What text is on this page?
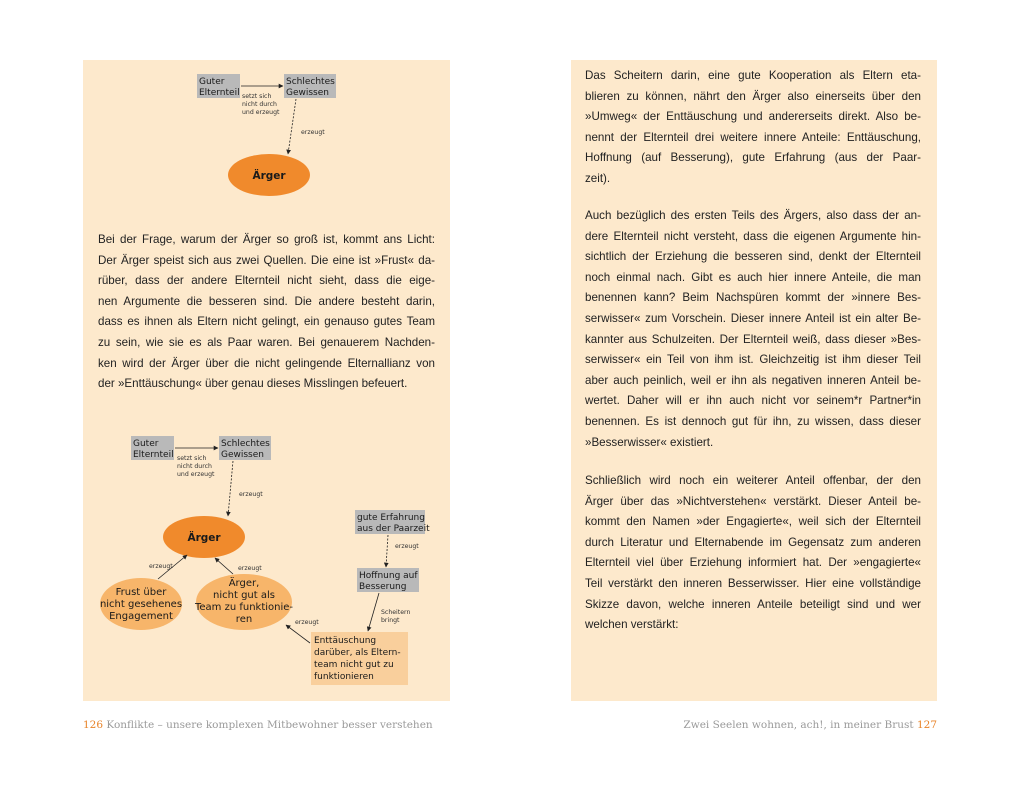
Guter
Elternteil
Schlechtes
Gewissen
setzt sich
nicht durch
und erzeugt
erzeugt
Ärger
Bei der Frage, warum der Ärger so groß ist, kommt ans Licht:
Der Ärger speist sich aus zwei Quellen. Die eine ist »Frust« da-
rüber, dass der andere Elternteil nicht sieht, dass die eige-
nen Argumente die besseren sind. Die andere besteht darin,
dass es ihnen als Eltern nicht gelingt, ein genauso gutes Team
zu sein, wie sie es als Paar waren. Bei genauerem Nachden-
ken wird der Ärger über die nicht gelingende Elternallianz von
der »Enttäuschung« über genau dieses Misslingen befeuert.
Guter
Elternteil
Schlechtes
Gewissen
setzt sich
nicht durch
und erzeugt
erzeugt
Ärger
Frust über
nicht gesehenes
Engagement
erzeugt
Ärger,
nicht gut als
Team zu funktionie-
ren
erzeugt
gute Erfahrung
aus der Paarzeit
erzeugt
Hoffnung auf
Besserung
Scheitern
bringt
Enttäuschung
darüber, als Eltern-
team nicht gut zu
funktionieren
erzeugt
Das Scheitern darin, eine gute Kooperation als Eltern eta-
blieren zu können, nährt den Ärger also einerseits über den
»Umweg« der Enttäuschung und andererseits direkt. Also be-
nennt der Elternteil drei weitere innere Anteile: Enttäuschung,
Hoffnung (auf Besserung), gute Erfahrung (aus der Paar-
zeit).
Auch bezüglich des ersten Teils des Ärgers, also dass der an-
dere Elternteil nicht versteht, dass die eigenen Argumente hin-
sichtlich der Erziehung die besseren sind, denkt der Elternteil
noch einmal nach. Gibt es auch hier innere Anteile, die man
benennen kann? Beim Nachspüren kommt der »innere Bes-
serwisser« zum Vorschein. Dieser innere Anteil ist ein alter Be-
kannter aus Schulzeiten. Der Elternteil weiß, dass dieser »Bes-
serwisser« ein Teil von ihm ist. Gleichzeitig ist ihm dieser Teil
aber auch peinlich, weil er ihn als negativen inneren Anteil be-
wertet. Daher will er ihn auch nicht vor seinem*r Partner*in
benennen. Es ist dennoch gut für ihn, zu wissen, dass dieser
»Besserwisser« existiert.
Schließlich wird noch ein weiterer Anteil offenbar, der den
Ärger über das »Nichtverstehen« verstärkt. Dieser Anteil be-
kommt den Namen »der Engagierte«, weil sich der Elternteil
durch Literatur und Elternabende im Gegensatz zum anderen
Elternteil viel über Erziehung informiert hat. Der »engagierte«
Teil verstärkt den inneren Besserwisser. Hier eine vollständige
Skizze davon, welche inneren Anteile beteiligt sind und wer
welchen verstärkt:
126 Konflikte – unsere komplexen Mitbewohner besser verstehen	Zwei Seelen wohnen, ach!, in meiner Brust 127
